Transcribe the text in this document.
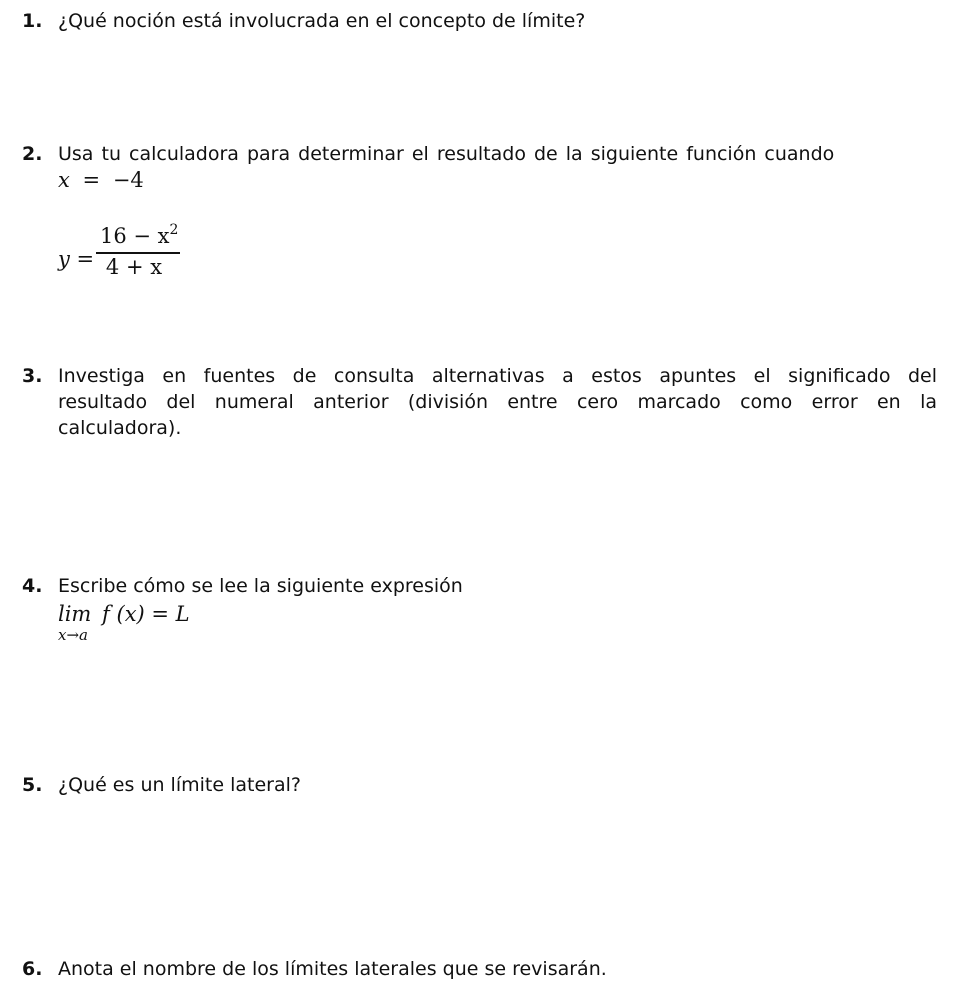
1. ¿Qué noción está involucrada en el concepto de límite?
2. Usa tu calculadora para determinar el resultado de la siguiente función cuando
x = −4
y =
$16 - x^2$
4 + x
3. Investiga en fuentes de consulta alternativas a estos apuntes el significado del
resultado del numeral anterior (división entre cero marcado como error en la
calculadora).
4. Escribe cómo se lee la siguiente expresión
lim f (x) = L
x→a
5. ¿Qué es un límite lateral?
6. Anota el nombre de los límites laterales que se revisarán.
